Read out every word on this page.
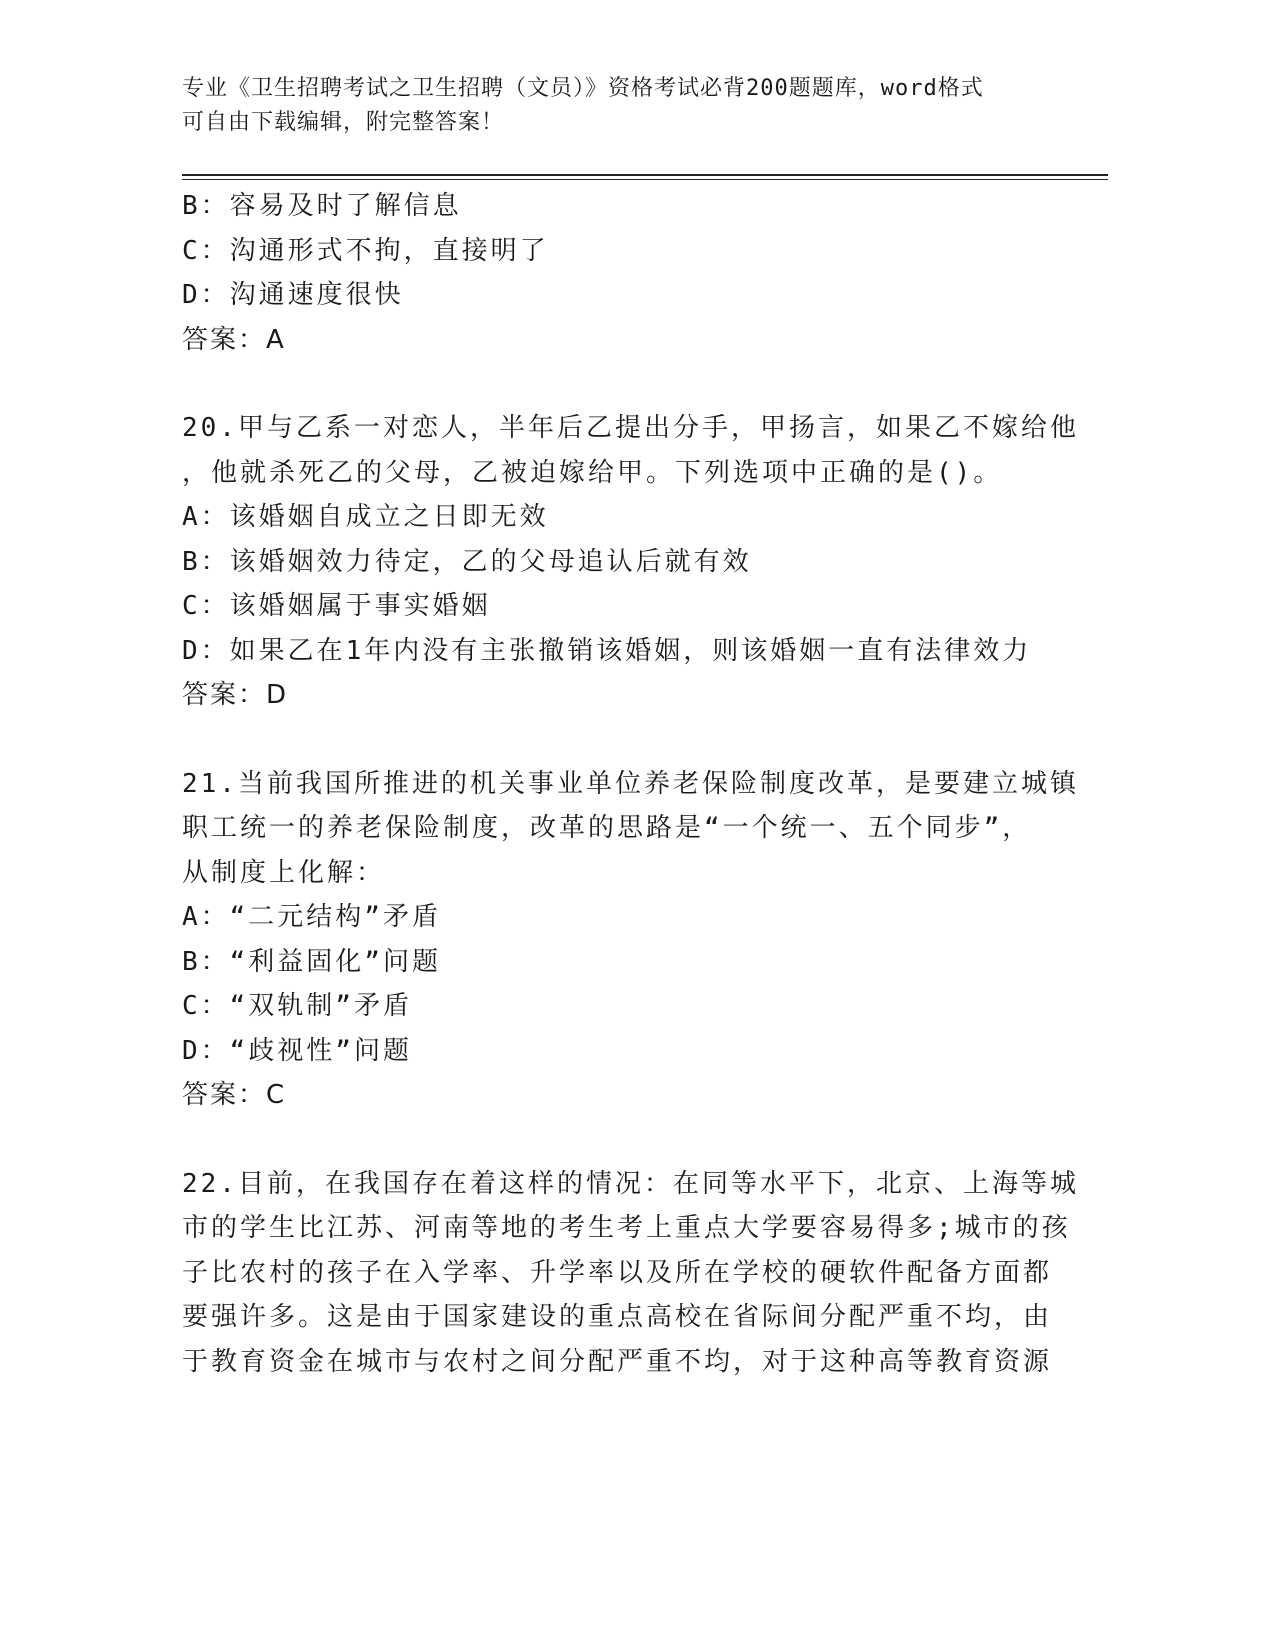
专业《卫生招聘考试之卫生招聘（文员）》资格考试必背200题题库，word格式
可自由下载编辑，附完整答案！
B：容易及时了解信息
C：沟通形式不拘，直接明了
D：沟通速度很快
答案：A
20.甲与乙系一对恋人，半年后乙提出分手，甲扬言，如果乙不嫁给他
，他就杀死乙的父母，乙被迫嫁给甲。下列选项中正确的是()。
A：该婚姻自成立之日即无效
B：该婚姻效力待定，乙的父母追认后就有效
C：该婚姻属于事实婚姻
D：如果乙在1年内没有主张撤销该婚姻，则该婚姻一直有法律效力
答案：D
21.当前我国所推进的机关事业单位养老保险制度改革，是要建立城镇
职工统一的养老保险制度，改革的思路是“一个统一、五个同步”，
从制度上化解：
A：“二元结构”矛盾
B：“利益固化”问题
C：“双轨制”矛盾
D：“歧视性”问题
答案：C
22.目前，在我国存在着这样的情况：在同等水平下，北京、上海等城
市的学生比江苏、河南等地的考生考上重点大学要容易得多;城市的孩
子比农村的孩子在入学率、升学率以及所在学校的硬软件配备方面都
要强许多。这是由于国家建设的重点高校在省际间分配严重不均，由
于教育资金在城市与农村之间分配严重不均，对于这种高等教育资源
